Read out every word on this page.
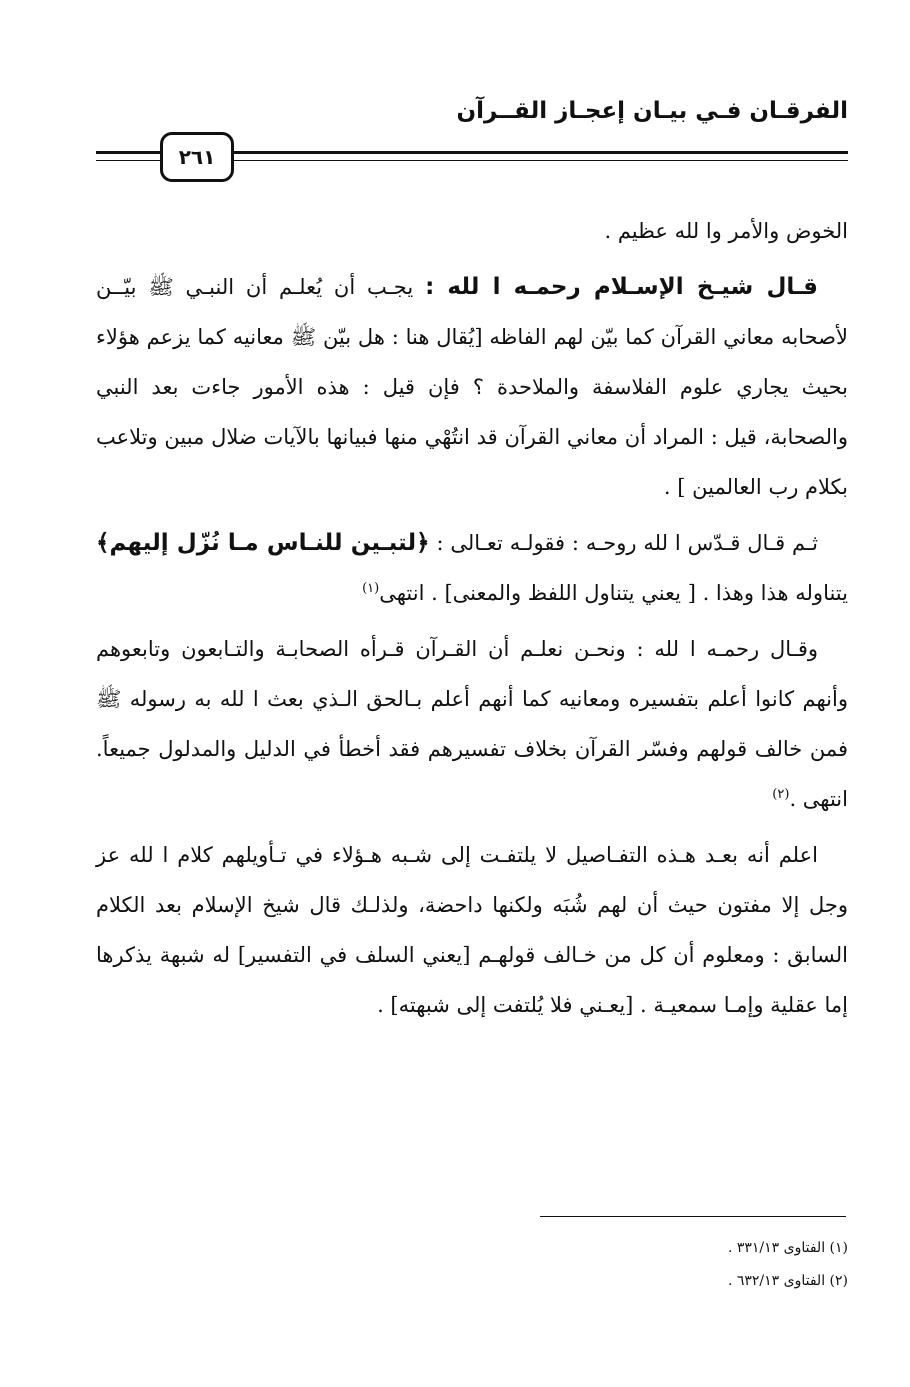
الفرقـان فـي بيـان إعجـاز القــرآن
٢٦١

الخوض والأمر وا لله عظيم .

قـال شيـخ الإسـلام رحمـه ا لله : يجـب أن يُعلـم أن النبـي ﷺ بيّــن لأصحابه معاني القرآن كما بيّن لهم الفاظه [يُقال هنا : هل بيّن ﷺ معانيه كما يزعم هؤلاء بحيث يجاري علوم الفلاسفة والملاحدة ؟ فإن قيل : هذه الأمور جاءت بعد النبي والصحابة، قيل : المراد أن معاني القرآن قد انتُهْي منها فبيانها بالآيات ضلال مبين وتلاعب بكلام رب العالمين ] .

ثـم قـال قـدّس ا لله روحـه : فقولـه تعـالى : ﴿لتبـين للنـاس مـا نُزّل إليهم﴾ يتناوله هذا وهذا . [ يعني يتناول اللفظ والمعنى] . انتهى$^{(١)}$

وقـال رحمـه ا لله : ونحـن نعلـم أن القـرآن قـرأه الصحابـة والتـابعون وتابعوهم وأنهم كانوا أعلم بتفسيره ومعانيه كما أنهم أعلم بـالحق الـذي بعث ا لله به رسوله ﷺ فمن خالف قولهم وفسّر القرآن بخلاف تفسيرهم فقد أخطأ في الدليل والمدلول جميعاً. انتهى .$^{(٢)}$

اعلم أنه بعـد هـذه التفـاصيل لا يلتفـت إلى شـبه هـؤلاء في تـأويلهم كلام ا لله عز وجل إلا مفتون حيث أن لهم شُبَه ولكنها داحضة، ولذلـك قال شيخ الإسلام بعد الكلام السابق : ومعلوم أن كل من خـالف قولهـم [يعني السلف في التفسير] له شبهة يذكرها إما عقلية وإمـا سمعيـة . [يعـني فلا يُلتفت إلى شبهته] .

(١) الفتاوى ٣٣١/١٣ .
(٢) الفتاوى ٦٣٢/١٣ .
